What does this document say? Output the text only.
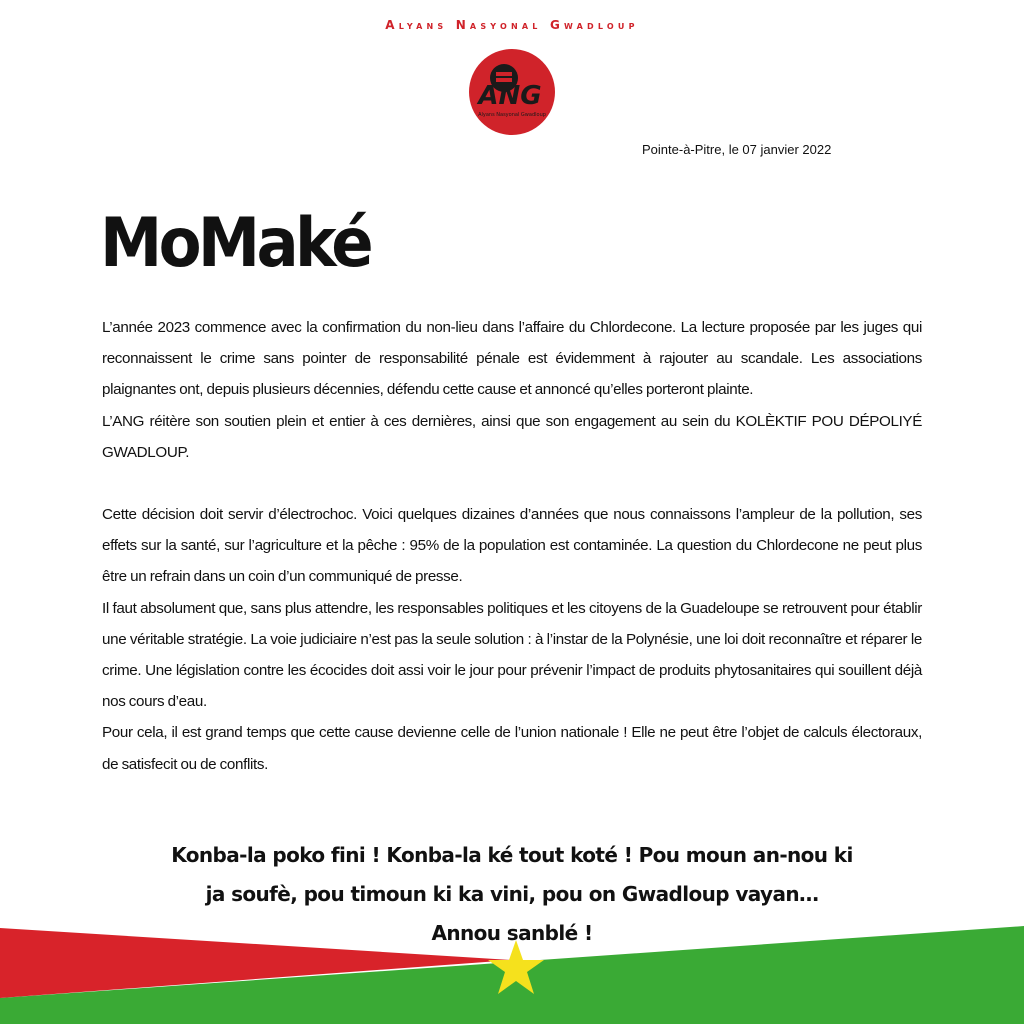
Alyans Nasyonal Gwadloup
ANG
Alyans Nasyonal Gwadloup
Pointe-à-Pitre, le 07 janvier 2022
MoMaké

L’année 2023 commence avec la confirmation du non-lieu dans l’affaire du Chlordecone. La lecture proposée par les juges qui reconnaissent le crime sans pointer de responsabilité pénale est évidemment à rajouter au scandale. Les associations plaignantes ont, depuis plusieurs décennies, défendu cette cause et annoncé qu’elles porteront plainte.

L’ANG réitère son soutien plein et entier à ces dernières, ainsi que son engagement au sein du KOLÈKTIF POU DÉPOLIYÉ GWADLOUP.

Cette décision doit servir d’électrochoc. Voici quelques dizaines d’années que nous connaissons l’ampleur de la pollution, ses effets sur la santé, sur l’agriculture et la pêche : 95% de la population est contaminée. La question du Chlordecone ne peut plus être un refrain dans un coin d’un communiqué de presse.

Il faut absolument que, sans plus attendre, les responsables politiques et les citoyens de la Guadeloupe se retrouvent pour établir une véritable stratégie. La voie judiciaire n’est pas la seule solution : à l’instar de la Polynésie, une loi doit reconnaître et réparer le crime. Une législation contre les écocides doit assi voir le jour pour prévenir l’impact de produits phytosanitaires qui souillent déjà nos cours d’eau.

Pour cela, il est grand temps que cette cause devienne celle de l’union nationale ! Elle ne peut être l’objet de calculs électoraux, de satisfecit ou de conflits.

Konba-la poko fini ! Konba-la ké tout koté ! Pou moun an-nou ki
ja soufè, pou timoun ki ka vini, pou on Gwadloup vayan…
Annou sanblé !
